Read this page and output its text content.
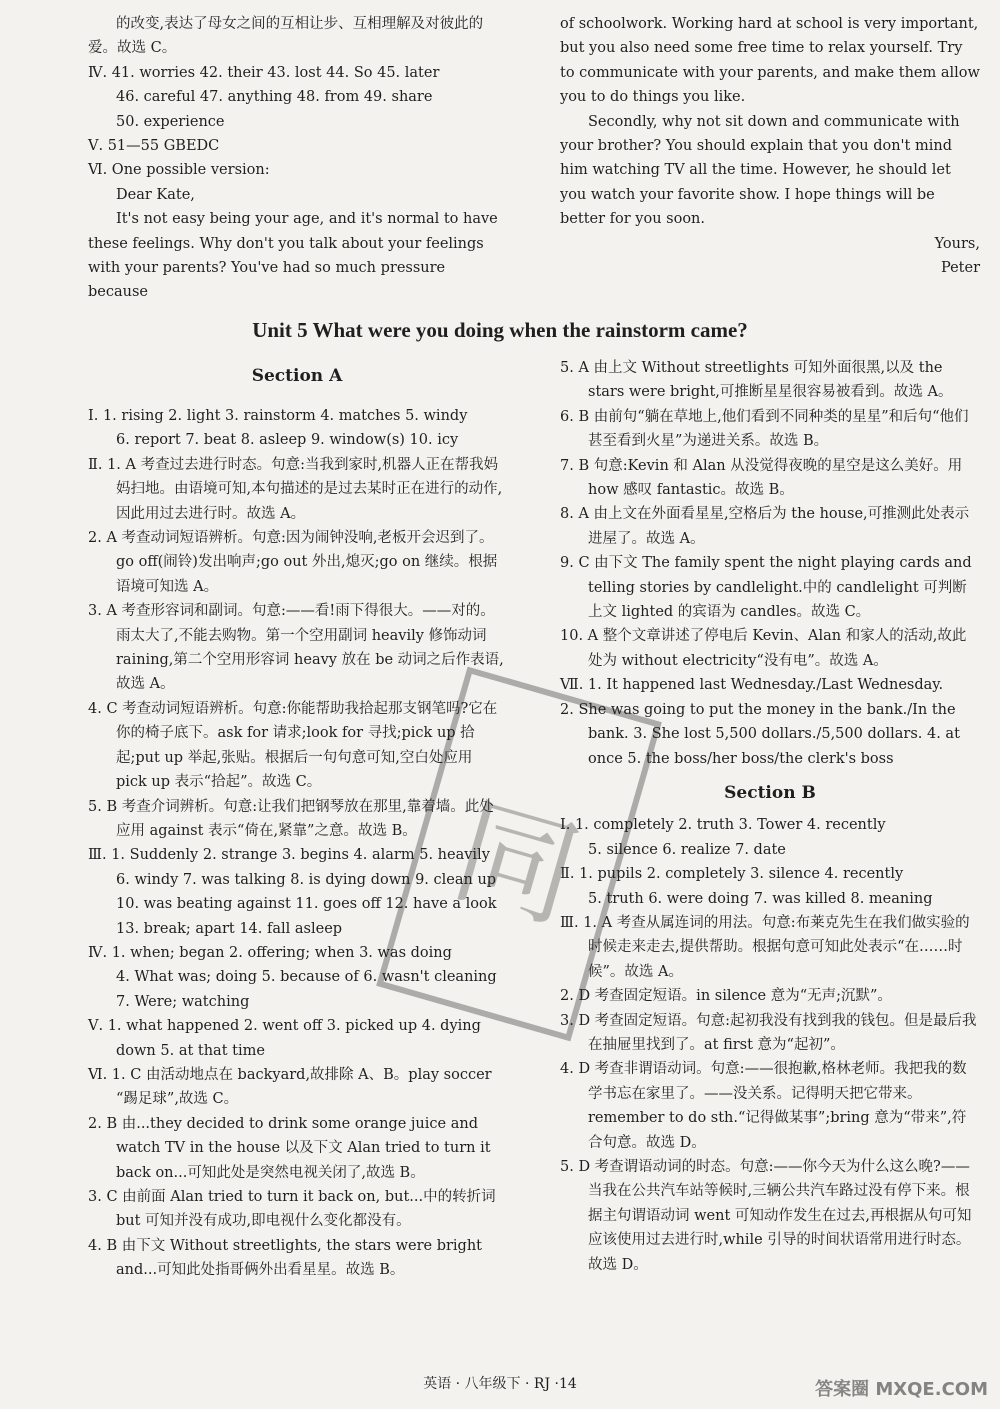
的改变,表达了母女之间的互相让步、互相理解及对彼此的爱。故选 C。

Ⅳ. 41. worries 42. their 43. lost 44. So 45. later

46. careful 47. anything 48. from 49. share

50. experience

Ⅴ. 51—55 GBEDC

Ⅵ. One possible version:

Dear Kate,

It's not easy being your age, and it's normal to have these feelings. Why don't you talk about your feelings with your parents? You've had so much pressure because

of schoolwork. Working hard at school is very important, but you also need some free time to relax yourself. Try to communicate with your parents, and make them allow you to do things you like.

Secondly, why not sit down and communicate with your brother? You should explain that you don't mind him watching TV all the time. However, he should let you watch your favorite show. I hope things will be better for you soon.

Yours,

Peter

Unit 5 What were you doing when the rainstorm came?
Section A

Ⅰ. 1. rising 2. light 3. rainstorm 4. matches 5. windy

6. report 7. beat 8. asleep 9. window(s) 10. icy

Ⅱ. 1. A 考查过去进行时态。句意:当我到家时,机器人正在帮我妈妈扫地。由语境可知,本句描述的是过去某时正在进行的动作,因此用过去进行时。故选 A。

2. A 考查动词短语辨析。句意:因为闹钟没响,老板开会迟到了。go off(闹铃)发出响声;go out 外出,熄灭;go on 继续。根据语境可知选 A。

3. A 考查形容词和副词。句意:——看!雨下得很大。——对的。雨太大了,不能去购物。第一个空用副词 heavily 修饰动词 raining,第二个空用形容词 heavy 放在 be 动词之后作表语,故选 A。

4. C 考查动词短语辨析。句意:你能帮助我拾起那支钢笔吗?它在你的椅子底下。ask for 请求;look for 寻找;pick up 拾起;put up 举起,张贴。根据后一句句意可知,空白处应用 pick up 表示“拾起”。故选 C。

5. B 考查介词辨析。句意:让我们把钢琴放在那里,靠着墙。此处应用 against 表示“倚在,紧靠”之意。故选 B。

Ⅲ. 1. Suddenly 2. strange 3. begins 4. alarm 5. heavily

6. windy 7. was talking 8. is dying down 9. clean up

10. was beating against 11. goes off 12. have a look

13. break; apart 14. fall asleep

Ⅳ. 1. when; began 2. offering; when 3. was doing

4. What was; doing 5. because of 6. wasn't cleaning

7. Were; watching

Ⅴ. 1. what happened 2. went off 3. picked up 4. dying down 5. at that time

Ⅵ. 1. C 由活动地点在 backyard,故排除 A、B。play soccer “踢足球”,故选 C。

2. B 由...they decided to drink some orange juice and watch TV in the house 以及下文 Alan tried to turn it back on...可知此处是突然电视关闭了,故选 B。

3. C 由前面 Alan tried to turn it back on, but...中的转折词 but 可知并没有成功,即电视什么变化都没有。

4. B 由下文 Without streetlights, the stars were bright and...可知此处指哥俩外出看星星。故选 B。

5. A 由上文 Without streetlights 可知外面很黑,以及 the stars were bright,可推断星星很容易被看到。故选 A。

6. B 由前句“躺在草地上,他们看到不同种类的星星”和后句“他们甚至看到火星”为递进关系。故选 B。

7. B 句意:Kevin 和 Alan 从没觉得夜晚的星空是这么美好。用 how 感叹 fantastic。故选 B。

8. A 由上文在外面看星星,空格后为 the house,可推测此处表示进屋了。故选 A。

9. C 由下文 The family spent the night playing cards and telling stories by candlelight.中的 candlelight 可判断上文 lighted 的宾语为 candles。故选 C。

10. A 整个文章讲述了停电后 Kevin、Alan 和家人的活动,故此处为 without electricity“没有电”。故选 A。

Ⅶ. 1. It happened last Wednesday./Last Wednesday.

2. She was going to put the money in the bank./In the bank. 3. She lost 5,500 dollars./5,500 dollars. 4. at once 5. the boss/her boss/the clerk's boss

Section B

Ⅰ. 1. completely 2. truth 3. Tower 4. recently

5. silence 6. realize 7. date

Ⅱ. 1. pupils 2. completely 3. silence 4. recently

5. truth 6. were doing 7. was killed 8. meaning

Ⅲ. 1. A 考查从属连词的用法。句意:布莱克先生在我们做实验的时候走来走去,提供帮助。根据句意可知此处表示“在……时候”。故选 A。

2. D 考查固定短语。in silence 意为“无声;沉默”。

3. D 考查固定短语。句意:起初我没有找到我的钱包。但是最后我在抽屉里找到了。at first 意为“起初”。

4. D 考查非谓语动词。句意:——很抱歉,格林老师。我把我的数学书忘在家里了。——没关系。记得明天把它带来。remember to do sth.“记得做某事”;bring 意为“带来”,符合句意。故选 D。

5. D 考查谓语动词的时态。句意:——你今天为什么这么晚?——当我在公共汽车站等候时,三辆公共汽车路过没有停下来。根据主句谓语动词 went 可知动作发生在过去,再根据从句可知应该使用过去进行时,while 引导的时间状语常用进行时态。故选 D。

同
英语 · 八年级下 · RJ ·14	答案圈 MXQE.COM
